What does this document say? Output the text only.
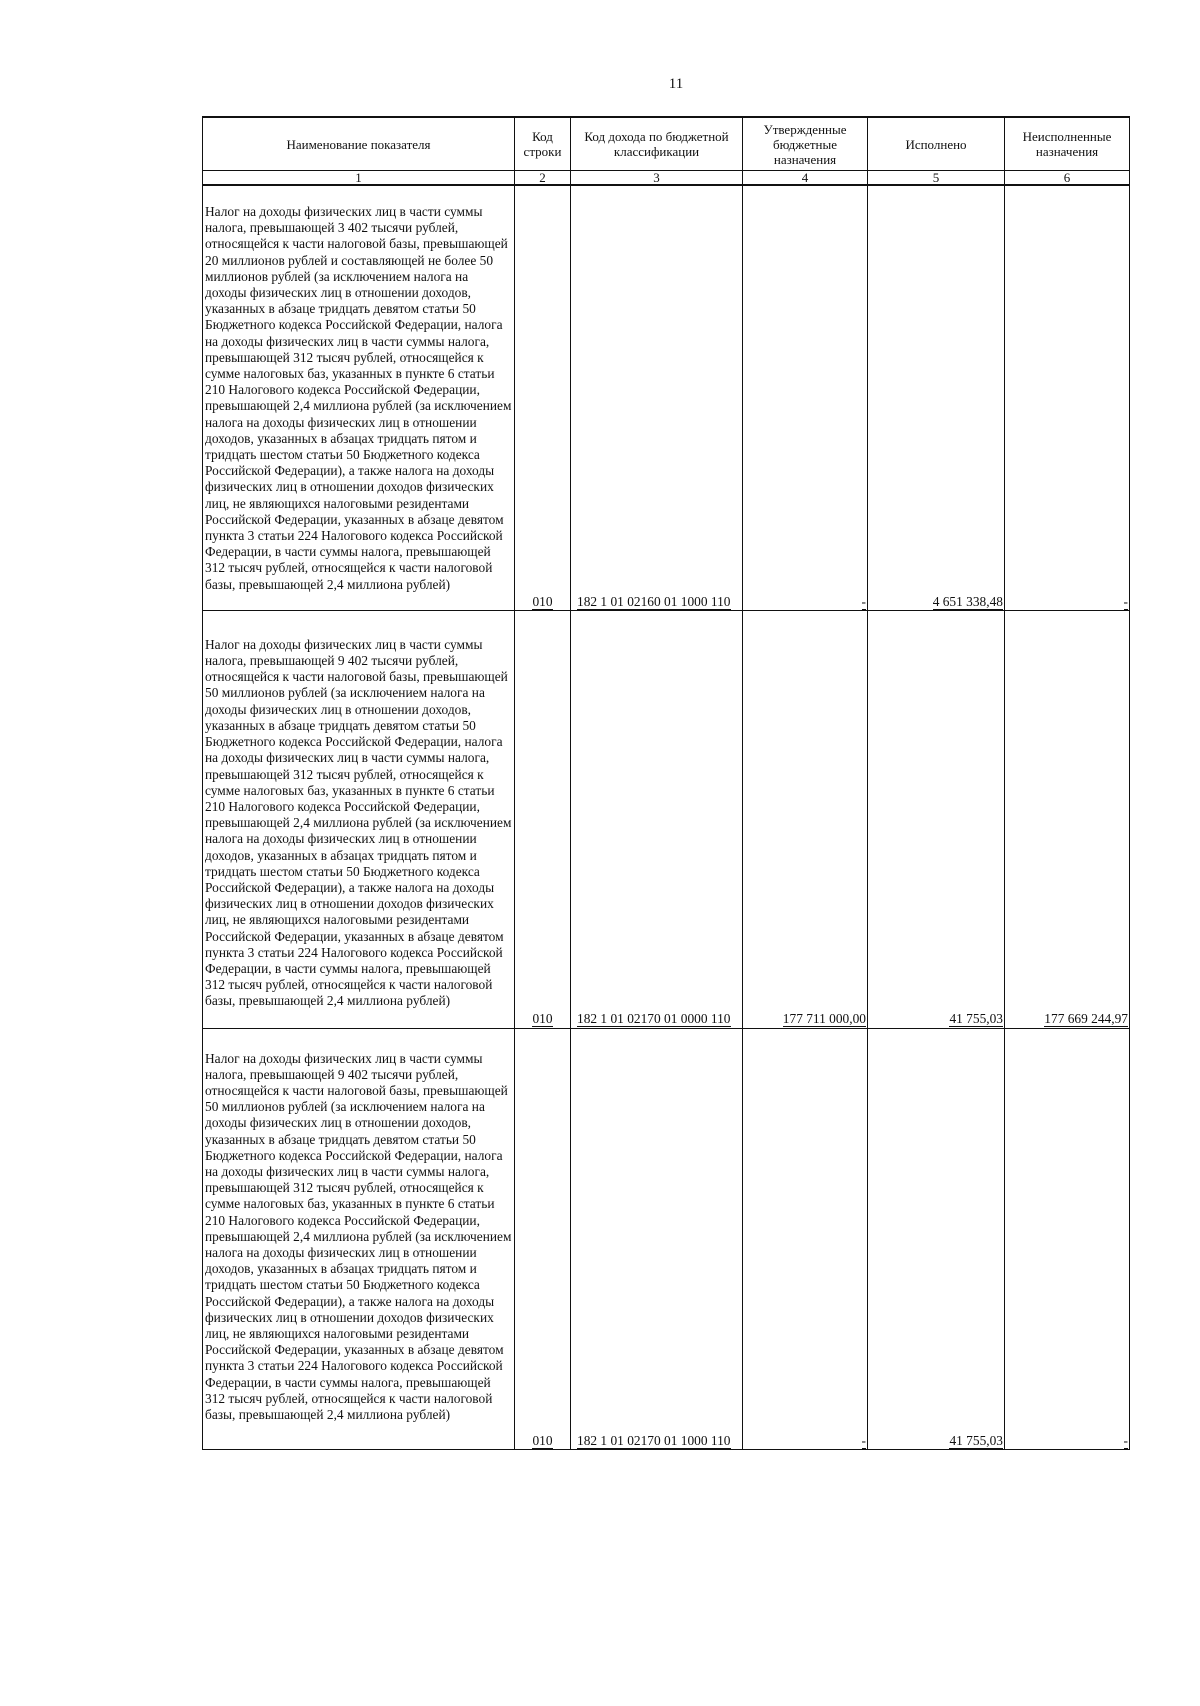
11
Наименование показателя	Код строки	Код дохода по бюджетной классификации	Утвержденные бюджетные назначения	Исполнено	Неисполненные назначения
1	2	3	4	5	6

Налог на доходы физических лиц в части суммы налога, превышающей 3 402 тысячи рублей, относящейся к части налоговой базы, превышающей 20 миллионов рублей и составляющей не более 50 миллионов рублей (за исключением налога на доходы физических лиц в отношении доходов, указанных в абзаце тридцать девятом статьи 50 Бюджетного кодекса Российской Федерации, налога на доходы физических лиц в части суммы налога, превышающей 312 тысяч рублей, относящейся к сумме налоговых баз, указанных в пункте 6 статьи 210 Налогового кодекса Российской Федерации, превышающей 2,4 миллиона рублей (за исключением налога на доходы физических лиц в отношении доходов, указанных в абзацах тридцать пятом и тридцать шестом статьи 50 Бюджетного кодекса Российской Федерации), а также налога на доходы физических лиц в отношении доходов физических лиц, не являющихся налоговыми резидентами Российской Федерации, указанных в абзаце девятом пункта 3 статьи 224 Налогового кодекса Российской Федерации, в части суммы налога, превышающей 312 тысяч рублей, относящейся к части налоговой базы, превышающей 2,4 миллиона рублей)	010	182 1 01 02160 01 1000 110	-	4 651 338,48	-

Налог на доходы физических лиц в части суммы налога, превышающей 9 402 тысячи рублей, относящейся к части налоговой базы, превышающей 50 миллионов рублей (за исключением налога на доходы физических лиц в отношении доходов, указанных в абзаце тридцать девятом статьи 50 Бюджетного кодекса Российской Федерации, налога на доходы физических лиц в части суммы налога, превышающей 312 тысяч рублей, относящейся к сумме налоговых баз, указанных в пункте 6 статьи 210 Налогового кодекса Российской Федерации, превышающей 2,4 миллиона рублей (за исключением налога на доходы физических лиц в отношении доходов, указанных в абзацах тридцать пятом и тридцать шестом статьи 50 Бюджетного кодекса Российской Федерации), а также налога на доходы физических лиц в отношении доходов физических лиц, не являющихся налоговыми резидентами Российской Федерации, указанных в абзаце девятом пункта 3 статьи 224 Налогового кодекса Российской Федерации, в части суммы налога, превышающей 312 тысяч рублей, относящейся к части налоговой базы, превышающей 2,4 миллиона рублей)	010	182 1 01 02170 01 0000 110	177 711 000,00	41 755,03	177 669 244,97

Налог на доходы физических лиц в части суммы налога, превышающей 9 402 тысячи рублей, относящейся к части налоговой базы, превышающей 50 миллионов рублей (за исключением налога на доходы физических лиц в отношении доходов, указанных в абзаце тридцать девятом статьи 50 Бюджетного кодекса Российской Федерации, налога на доходы физических лиц в части суммы налога, превышающей 312 тысяч рублей, относящейся к сумме налоговых баз, указанных в пункте 6 статьи 210 Налогового кодекса Российской Федерации, превышающей 2,4 миллиона рублей (за исключением налога на доходы физических лиц в отношении доходов, указанных в абзацах тридцать пятом и тридцать шестом статьи 50 Бюджетного кодекса Российской Федерации), а также налога на доходы физических лиц в отношении доходов физических лиц, не являющихся налоговыми резидентами Российской Федерации, указанных в абзаце девятом пункта 3 статьи 224 Налогового кодекса Российской Федерации, в части суммы налога, превышающей 312 тысяч рублей, относящейся к части налоговой базы, превышающей 2,4 миллиона рублей)	010	182 1 01 02170 01 1000 110	-	41 755,03	-
